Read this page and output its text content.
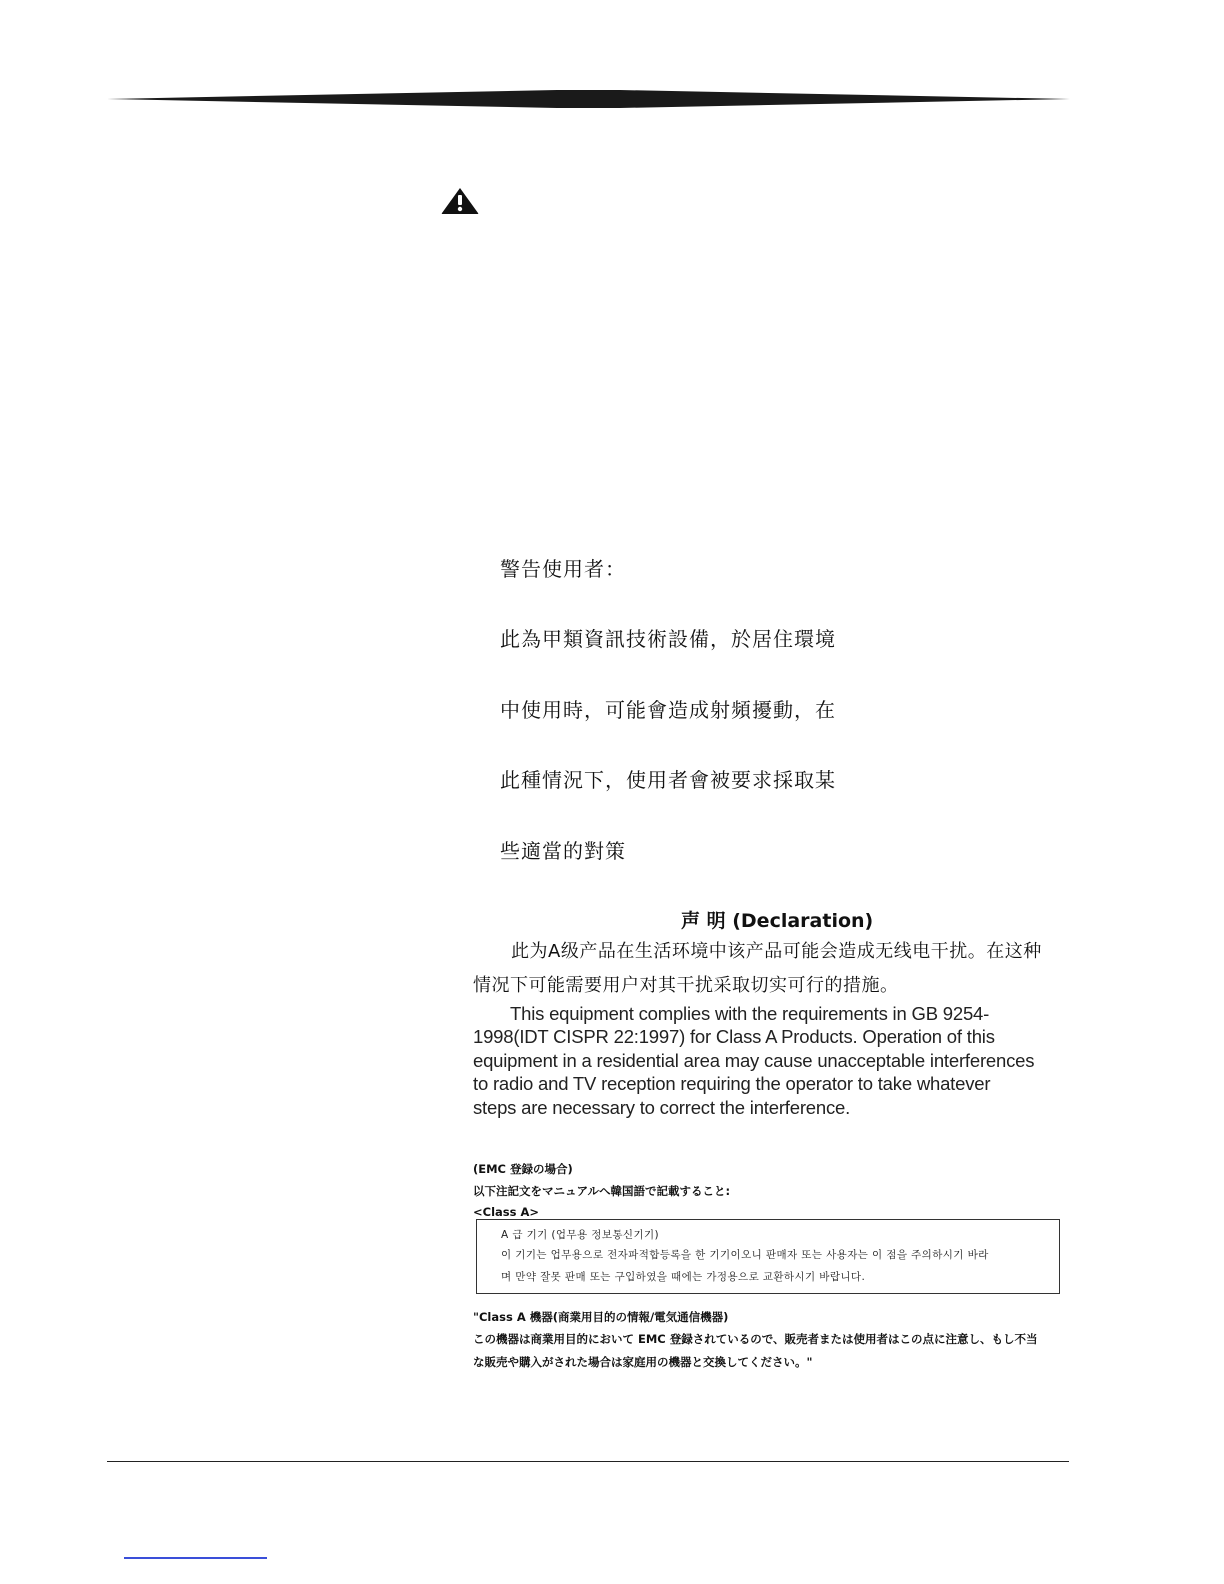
警告使用者：
此為甲類資訊技術設備，於居住環境
中使用時，可能會造成射頻擾動，在
此種情況下，使用者會被要求採取某
些適當的對策
声 明 (Declaration)
此为A级产品在生活环境中该产品可能会造成无线电干扰。在这种
情况下可能需要用户对其干扰采取切实可行的措施。

This equipment complies with the requirements in GB 9254-

1998(IDT CISPR 22:1997) for Class A Products. Operation of this

equipment in a residential area may cause unacceptable interferences

to radio and TV reception requiring the operator to take whatever

steps are necessary to correct the interference.

(EMC 登録の場合)
以下注記文をマニュアルへ韓国語で記載すること:
<Class A>
A 급 기기 (업무용 정보통신기기)
이 기기는 업무용으로 전자파적합등록을 한 기기이오니 판매자 또는 사용자는 이 점을 주의하시기 바라
며 만약 잘못 판매 또는 구입하였을 때에는 가정용으로 교환하시기 바랍니다.
"Class A 機器(商業用目的の情報/電気通信機器)
この機器は商業用目的において EMC 登録されているので、販売者または使用者はこの点に注意し、もし不当
な販売や購入がされた場合は家庭用の機器と交換してください。"
